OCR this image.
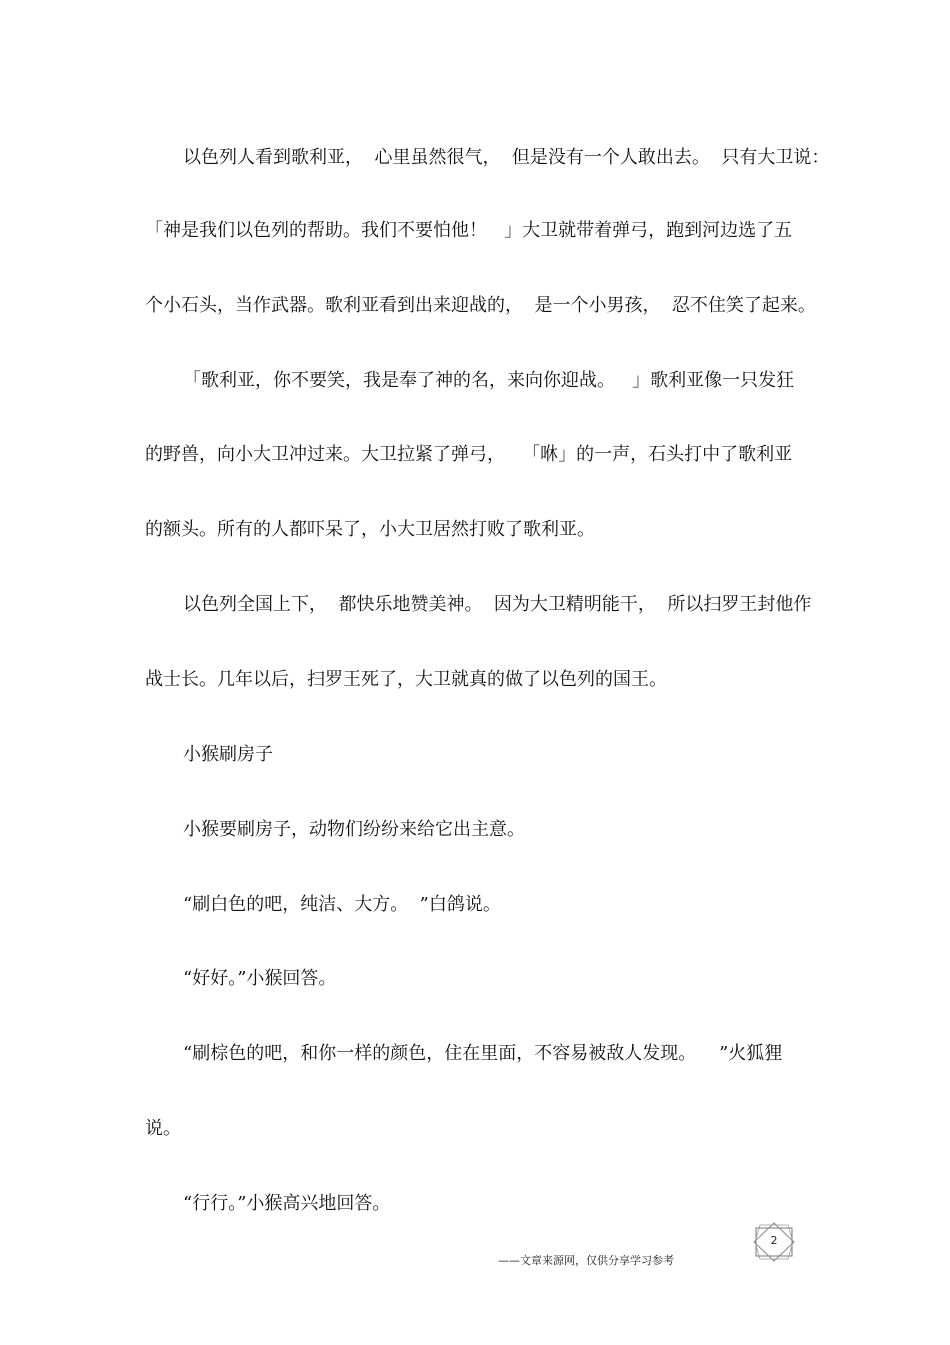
以色列人看到歌利亚，  心里虽然很气，  但是没有一个人敢出去。  只有大卫说：
「神是我们以色列的帮助。我们不要怕他！   」大卫就带着弹弓，跑到河边选了五
个小石头，当作武器。歌利亚看到出来迎战的，  是一个小男孩，  忍不住笑了起来。
「歌利亚，你不要笑，我是奉了神的名，来向你迎战。   」歌利亚像一只发狂
的野兽，向小大卫冲过来。大卫拉紧了弹弓，   「咻」的一声，石头打中了歌利亚
的额头。所有的人都吓呆了，小大卫居然打败了歌利亚。
以色列全国上下，  都快乐地赞美神。  因为大卫精明能干，  所以扫罗王封他作
战士长。几年以后，扫罗王死了，大卫就真的做了以色列的国王。
小猴刷房子
小猴要刷房子，动物们纷纷来给它出主意。
“刷白色的吧，纯洁、大方。  ”白鸽说。
“好好。”小猴回答。
“刷棕色的吧，和你一样的颜色，住在里面，不容易被敌人发现。    ”火狐狸
说。
“行行。”小猴高兴地回答。
——文章来源网，仅供分享学习参考
2
